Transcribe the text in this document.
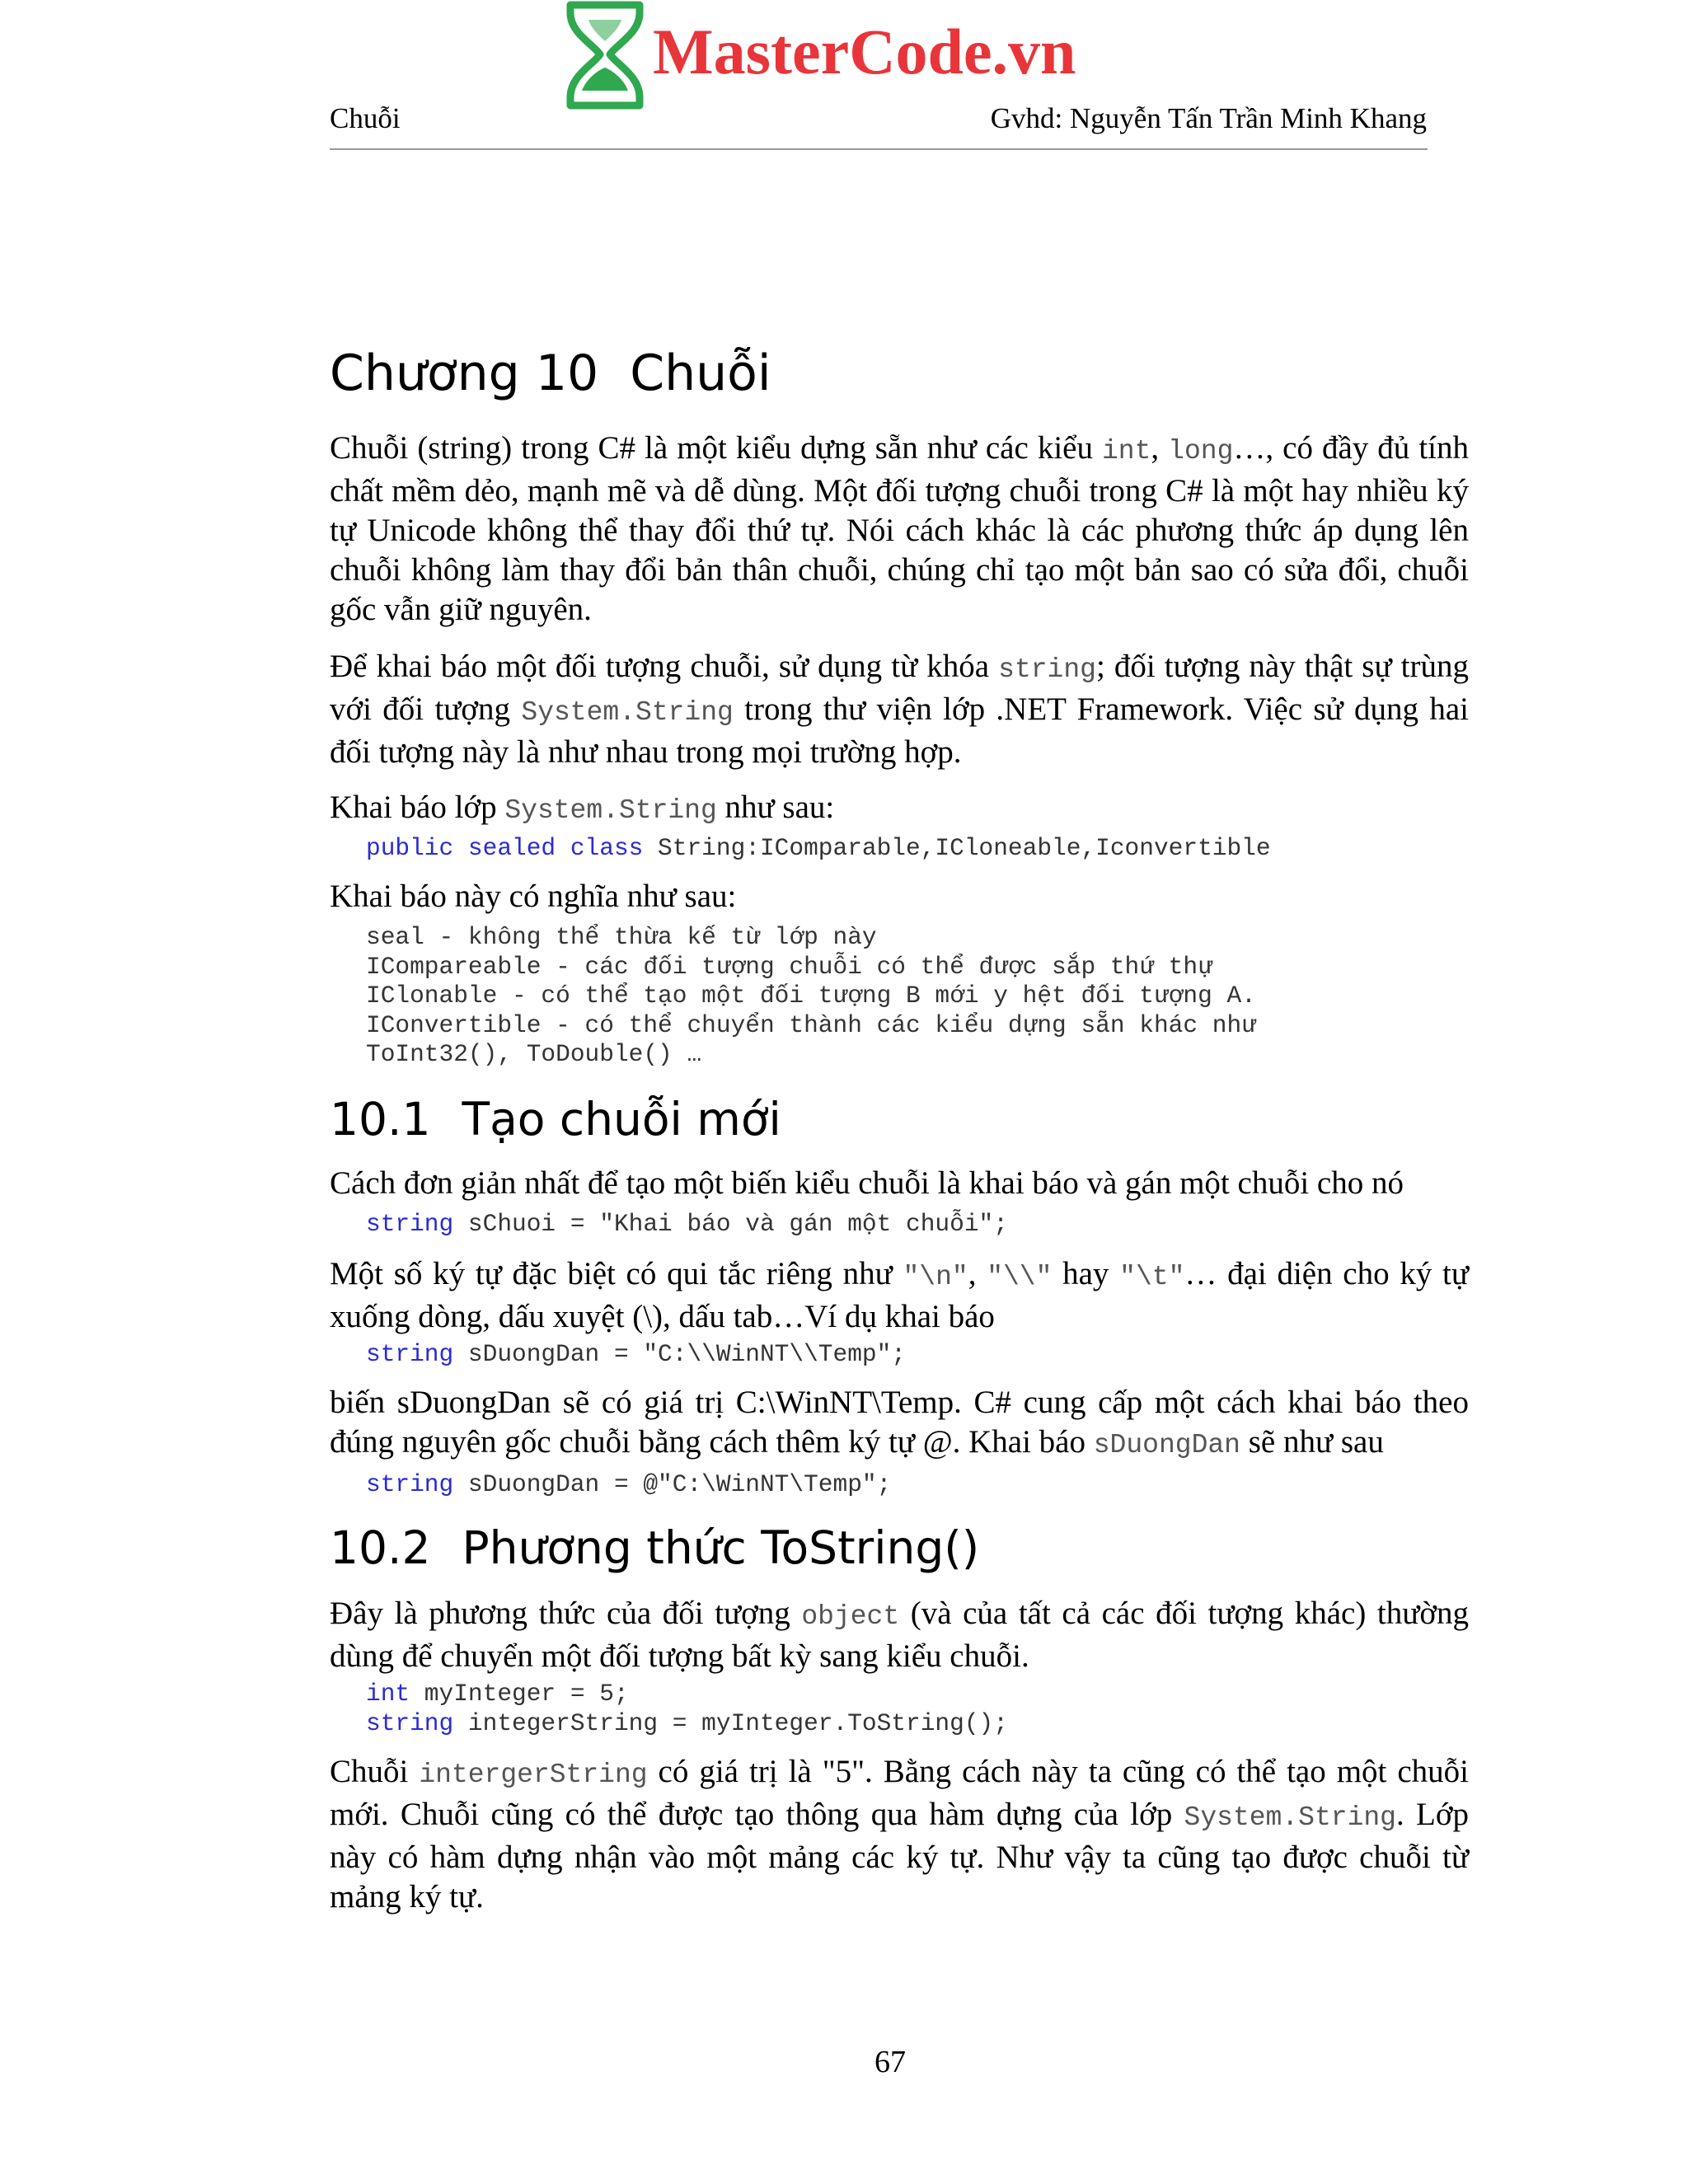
MasterCode.vn
Chuỗi	Gvhd: Nguyễn Tấn Trần Minh Khang
Chương 10 Chuỗi

Chuỗi (string) trong C# là một kiểu dựng sẵn như các kiểu int, long…, có đầy đủ tính chất mềm dẻo, mạnh mẽ và dễ dùng. Một đối tượng chuỗi trong C# là một hay nhiều ký tự Unicode không thể thay đổi thứ tự. Nói cách khác là các phương thức áp dụng lên chuỗi không làm thay đổi bản thân chuỗi, chúng chỉ tạo một bản sao có sửa đổi, chuỗi gốc vẫn giữ nguyên.

Để khai báo một đối tượng chuỗi, sử dụng từ khóa string; đối tượng này thật sự trùng với đối tượng System.String trong thư viện lớp .NET Framework. Việc sử dụng hai đối tượng này là như nhau trong mọi trường hợp.

Khai báo lớp System.String như sau:

public sealed class String:IComparable,ICloneable,Iconvertible

Khai báo này có nghĩa như sau:

seal - không thể thừa kế từ lớp này
ICompareable - các đối tượng chuỗi có thể được sắp thứ thự
IClonable - có thể tạo một đối tượng B mới y hệt đối tượng A.
IConvertible - có thể chuyển thành các kiểu dựng sẵn khác như
ToInt32(), ToDouble() …
10.1 Tạo chuỗi mới

Cách đơn giản nhất để tạo một biến kiểu chuỗi là khai báo và gán một chuỗi cho nó

string sChuoi = "Khai báo và gán một chuỗi";

Một số ký tự đặc biệt có qui tắc riêng như "\n", "\\" hay "\t"… đại diện cho ký tự xuống dòng, dấu xuyệt (\), dấu tab…Ví dụ khai báo

string sDuongDan = "C:\\WinNT\\Temp";

biến sDuongDan sẽ có giá trị C:\WinNT\Temp. C# cung cấp một cách khai báo theo đúng nguyên gốc chuỗi bằng cách thêm ký tự @. Khai báo sDuongDan sẽ như sau

string sDuongDan = @"C:\WinNT\Temp";
10.2 Phương thức ToString()

Đây là phương thức của đối tượng object (và của tất cả các đối tượng khác) thường dùng để chuyển một đối tượng bất kỳ sang kiểu chuỗi.

int myInteger = 5;
string integerString = myInteger.ToString();

Chuỗi intergerString có giá trị là "5". Bằng cách này ta cũng có thể tạo một chuỗi mới. Chuỗi cũng có thể được tạo thông qua hàm dựng của lớp System.String. Lớp này có hàm dựng nhận vào một mảng các ký tự. Như vậy ta cũng tạo được chuỗi từ mảng ký tự.

67
